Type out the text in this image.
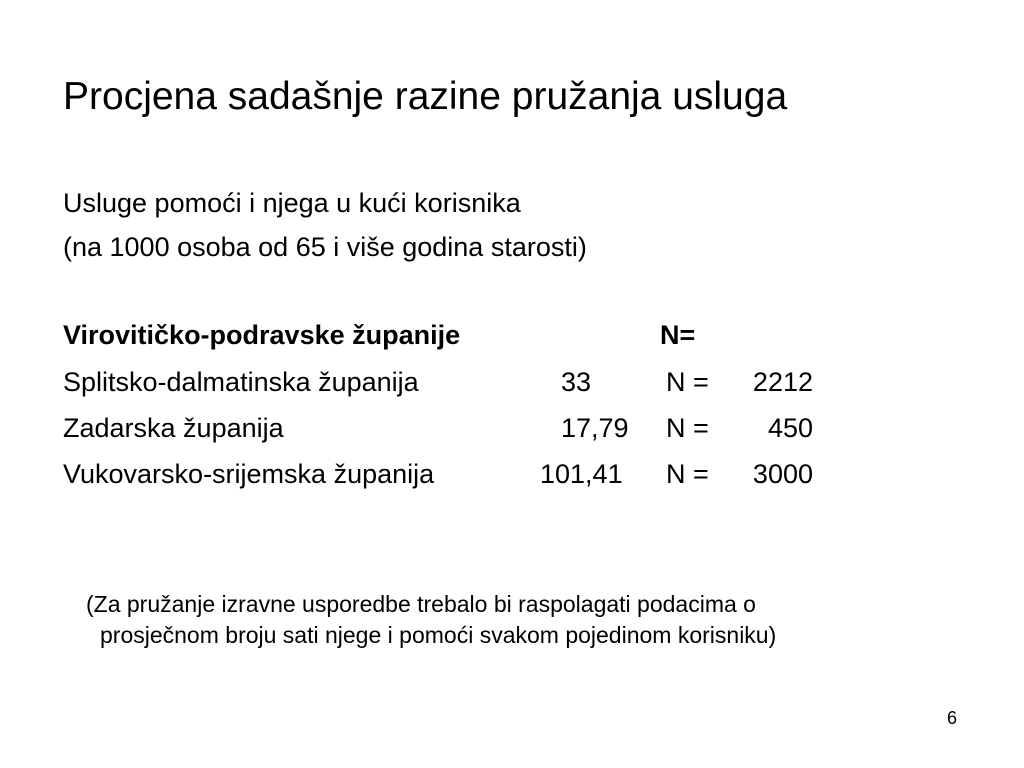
Procjena sadašnje razine pružanja usluga
Usluge pomoći i njega u kući korisnika
(na 1000 osoba od 65 i više godina starosti)
Virovitičko-podravske županije	N=
Splitsko-dalmatinska županija	33	N =	2212
Zadarska županija	17,79 N =	450
Vukovarsko-srijemska županija	101,41 N =	3000
(Za pružanje izravne usporedbe trebalo bi raspolagati podacima o
prosječnom broju sati njege i pomoći svakom pojedinom korisniku)
6
